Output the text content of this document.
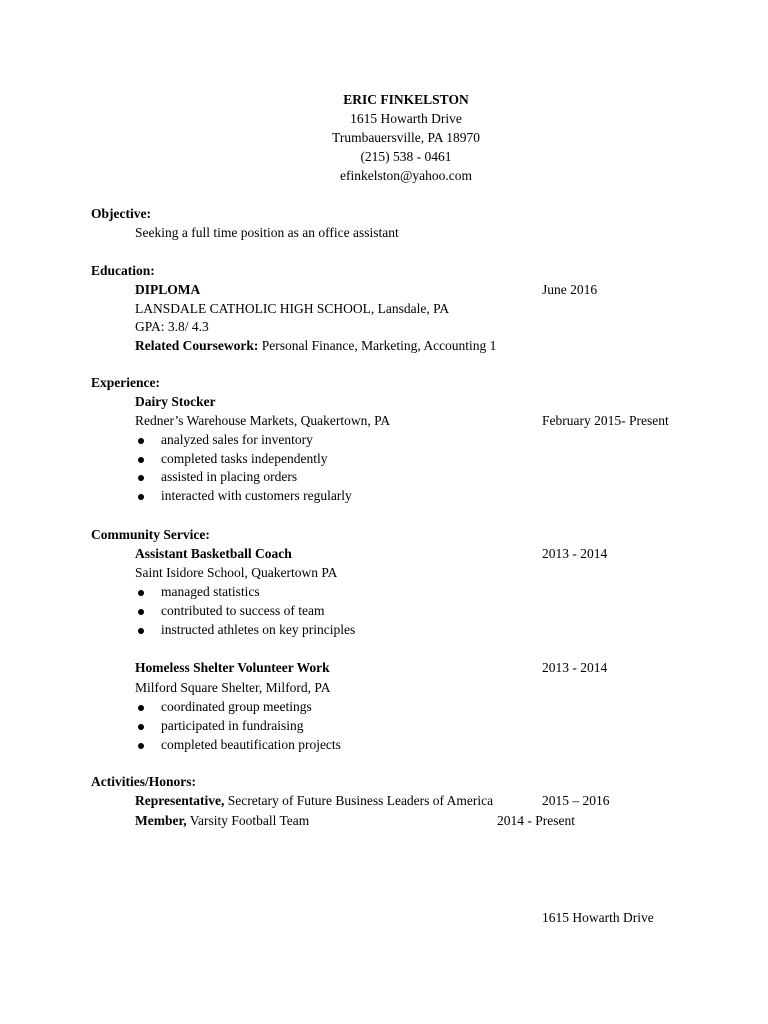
ERIC FINKELSTON
1615 Howarth Drive
Trumbauersville, PA 18970
(215) 538 - 0461
efinkelston@yahoo.com
Objective:
Seeking a full time position as an office assistant
Education:
DIPLOMA	June 2016
LANSDALE CATHOLIC HIGH SCHOOL, Lansdale, PA
GPA: 3.8/ 4.3
Related Coursework: Personal Finance, Marketing, Accounting 1
Experience:
Dairy Stocker
Redner’s Warehouse Markets, Quakertown, PA	February 2015- Present
analyzed sales for inventory
completed tasks independently
assisted in placing orders
interacted with customers regularly
Community Service:
Assistant Basketball Coach	2013 - 2014
Saint Isidore School, Quakertown PA
managed statistics
contributed to success of team
instructed athletes on key principles
Homeless Shelter Volunteer Work	2013 - 2014
Milford Square Shelter, Milford, PA
coordinated group meetings
participated in fundraising
completed beautification projects
Activities/Honors:
Representative, Secretary of Future Business Leaders of America	2015 – 2016
Member, Varsity Football Team	2014 - Present
1615 Howarth Drive
